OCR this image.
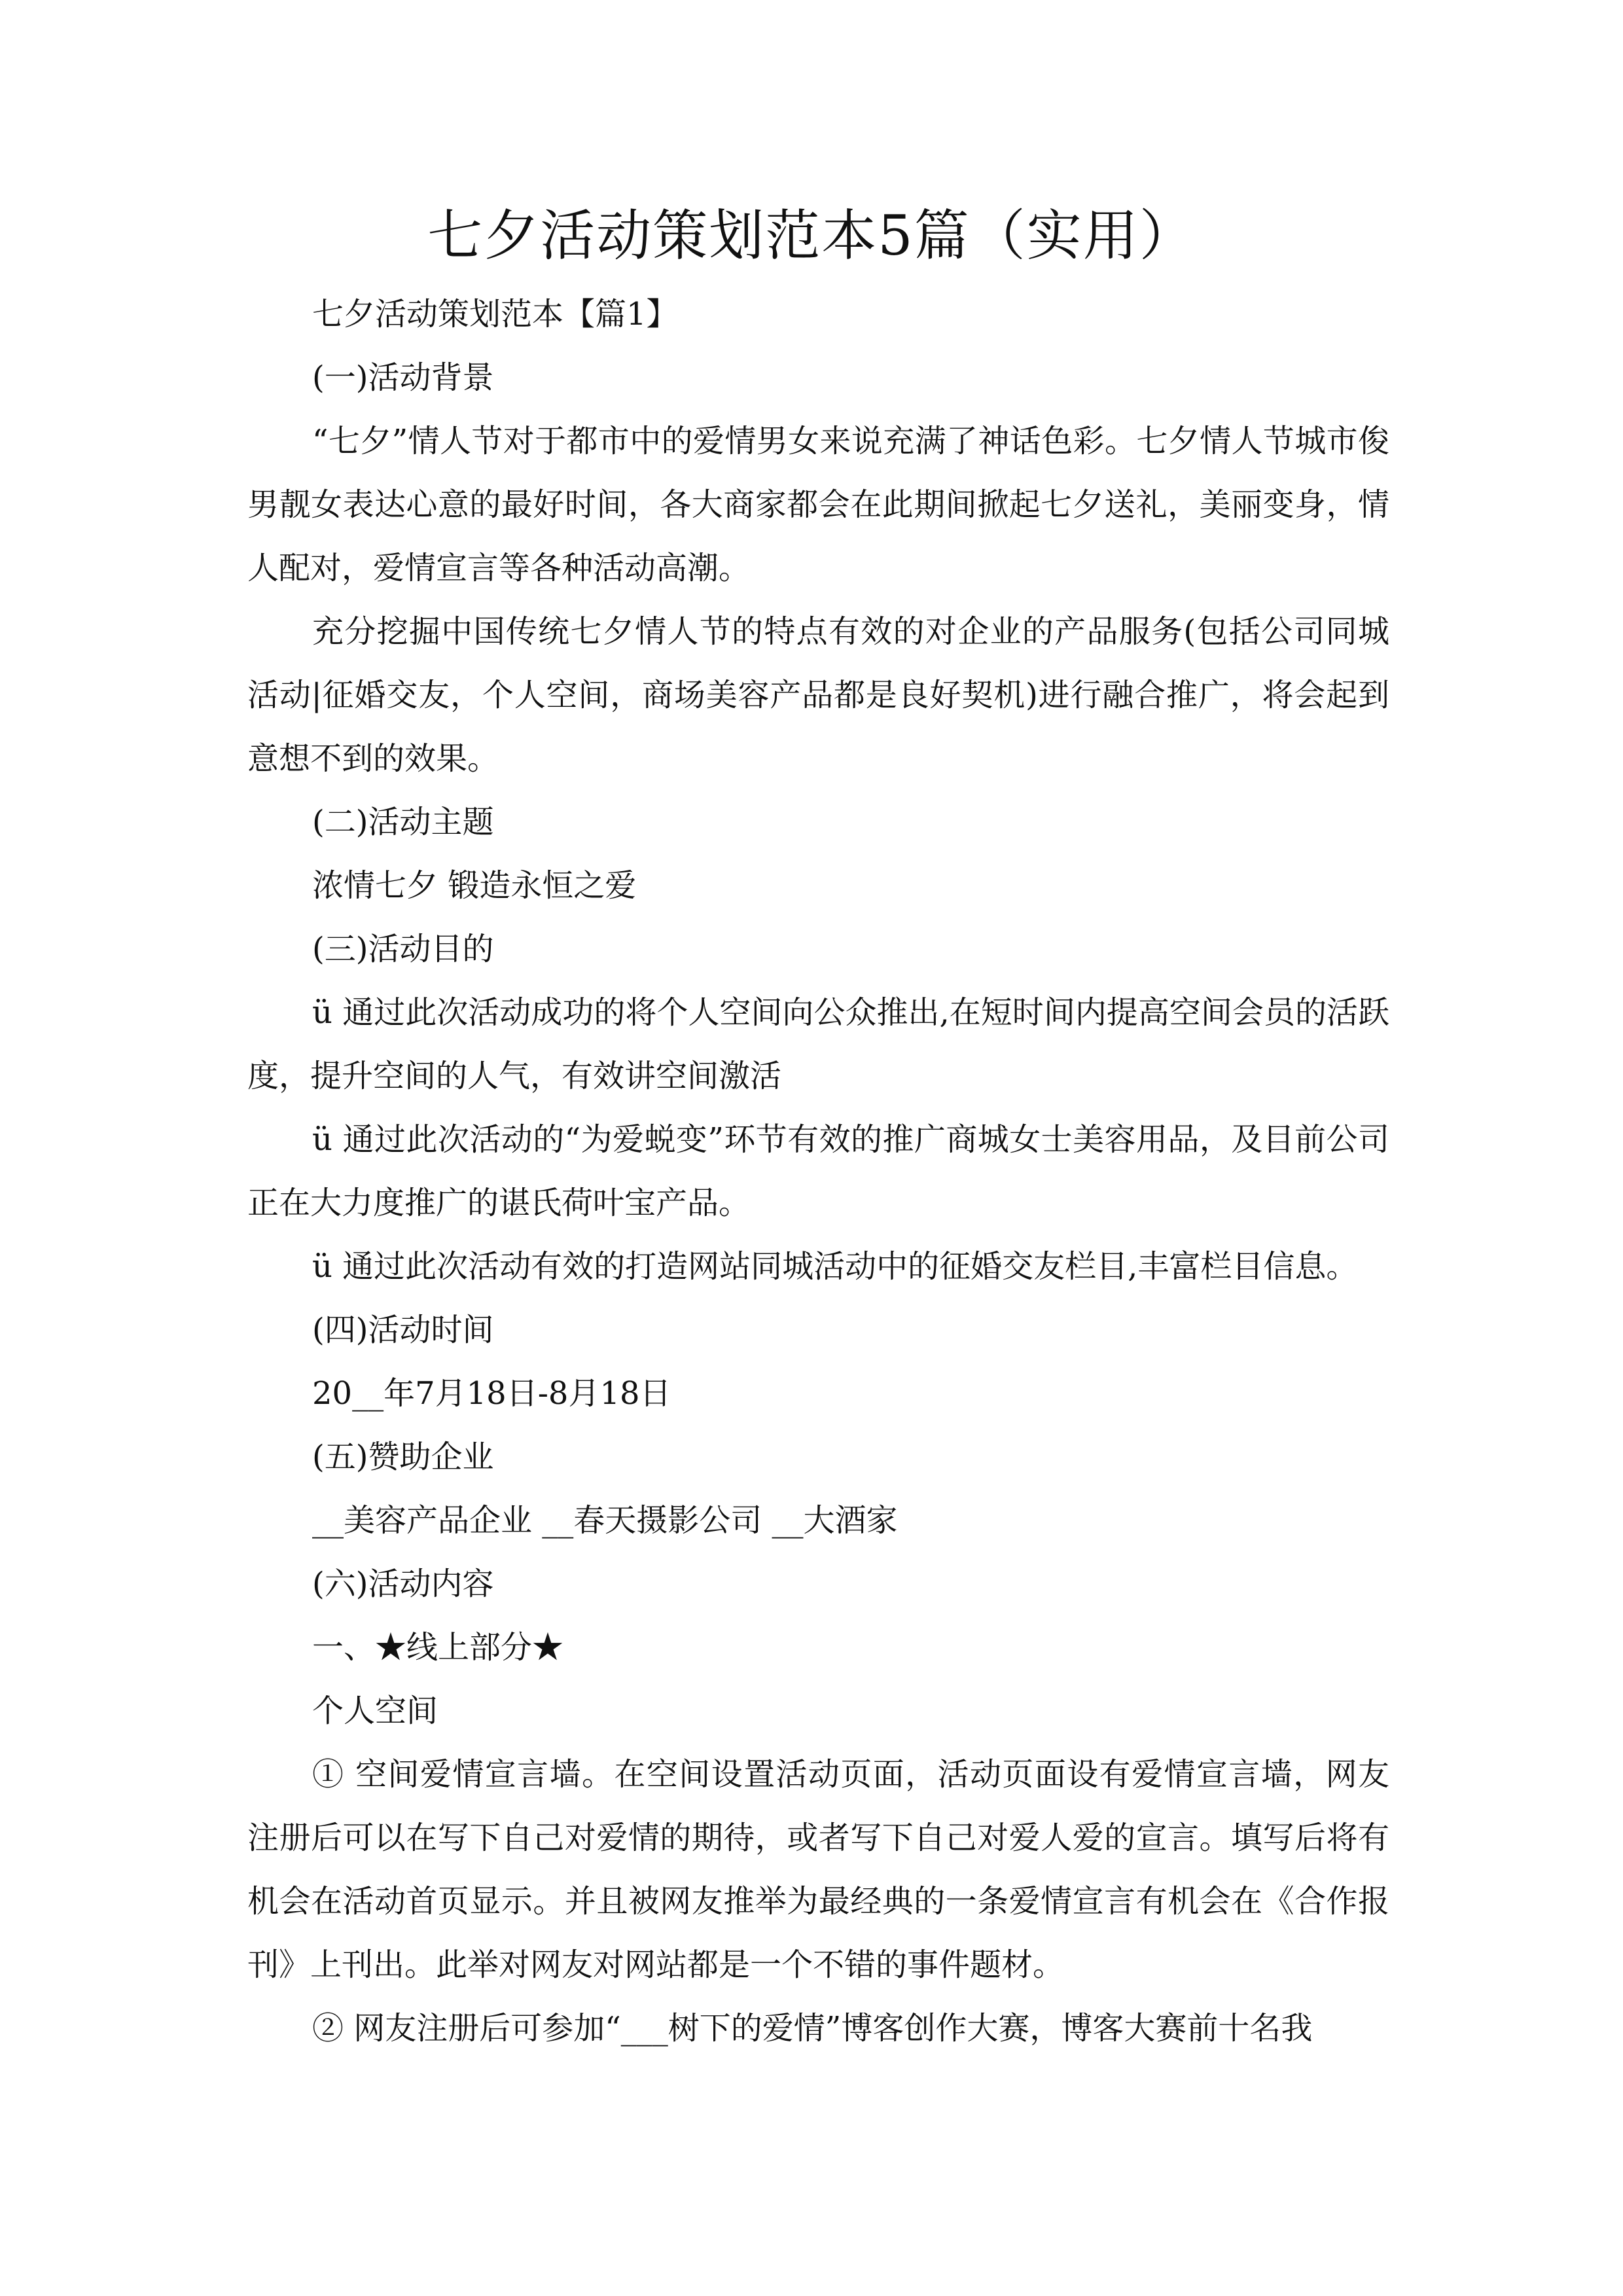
七夕活动策划范本5篇（实用）

七夕活动策划范本【篇1】

(一)活动背景

“七夕”情人节对于都市中的爱情男女来说充满了神话色彩。七夕情人节城市俊男靓女表达心意的最好时间，各大商家都会在此期间掀起七夕送礼，美丽变身，情人配对，爱情宣言等各种活动高潮。

充分挖掘中国传统七夕情人节的特点有效的对企业的产品服务(包括公司同城活动|征婚交友，个人空间，商场美容产品都是良好契机)进行融合推广，将会起到意想不到的效果。

(二)活动主题

浓情七夕 锻造永恒之爱

(三)活动目的

ü 通过此次活动成功的将个人空间向公众推出,在短时间内提高空间会员的活跃度，提升空间的人气，有效讲空间激活

ü 通过此次活动的“为爱蜕变”环节有效的推广商城女士美容用品，及目前公司正在大力度推广的谌氏荷叶宝产品。

ü 通过此次活动有效的打造网站同城活动中的征婚交友栏目,丰富栏目信息。

(四)活动时间

20__年7月18日-8月18日

(五)赞助企业

__美容产品企业 __春天摄影公司 __大酒家

(六)活动内容

一、★线上部分★

个人空间

① 空间爱情宣言墙。在空间设置活动页面，活动页面设有爱情宣言墙，网友注册后可以在写下自己对爱情的期待，或者写下自己对爱人爱的宣言。填写后将有机会在活动首页显示。并且被网友推举为最经典的一条爱情宣言有机会在《合作报刊》上刊出。此举对网友对网站都是一个不错的事件题材。

② 网友注册后可参加“___树下的爱情”博客创作大赛，博客大赛前十名我
